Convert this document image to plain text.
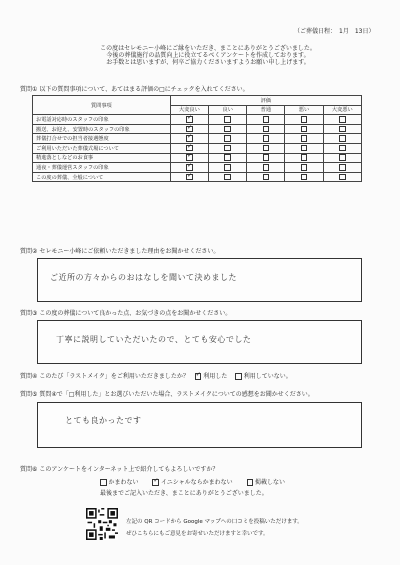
（ご葬儀日程：　1月　13日）
この度はセレモニー小峰にご縁をいただき、まことにありがとうございました。
今後の葬儀施行の品質向上に役立てるべくアンケートを作成しております。
お手数とは思いますが、何卒ご協力くださいますようお願い申し上げます。
質問① 以下の質問事項について、あてはまる評価の□にチェックを入れてください。
質問事項	評価				
	大変良い	良い	普通	悪い	大変悪い
お電話対応時のスタッフの印象	✓				
搬送、お迎え、安置時のスタッフの印象	✓				
葬儀打合せでの担当者接遇態度	✓				
ご利用いただいた葬儀式場について	✓				
精進落としなどのお食事	✓				
通夜・葬儀運営スタッフの印象	✓				
この度の葬儀、全般について	✓				
質問② セレモニー小峰にご依頼いただきました理由をお聞かせください。
ご近所の方々からのおはなしを聞いて決めました
質問③ この度の葬儀について良かった点、お気づきの点をお聞かせください。
丁寧に説明していただいたので、とても安心でした
質問④ このたび「ラストメイク」をご利用いただきましたか？ ✓ 利用した	利用していない。
質問⑤ 質問④で「□利用した」とお選びいただいた場合、ラストメイクについての感想をお聞かせください。
とても良かったです
質問⑥ このアンケートをインターネット上で紹介してもよろしいですか？
かまわない ✓	イニシャルならかまわない	掲載しない
最後までご記入いただき、まことにありがとうございました。
左記の QR コードから Google マップへの口コミを投稿いただけます。
ぜひこちらにもご意見をお寄せいただけますと幸いです。
